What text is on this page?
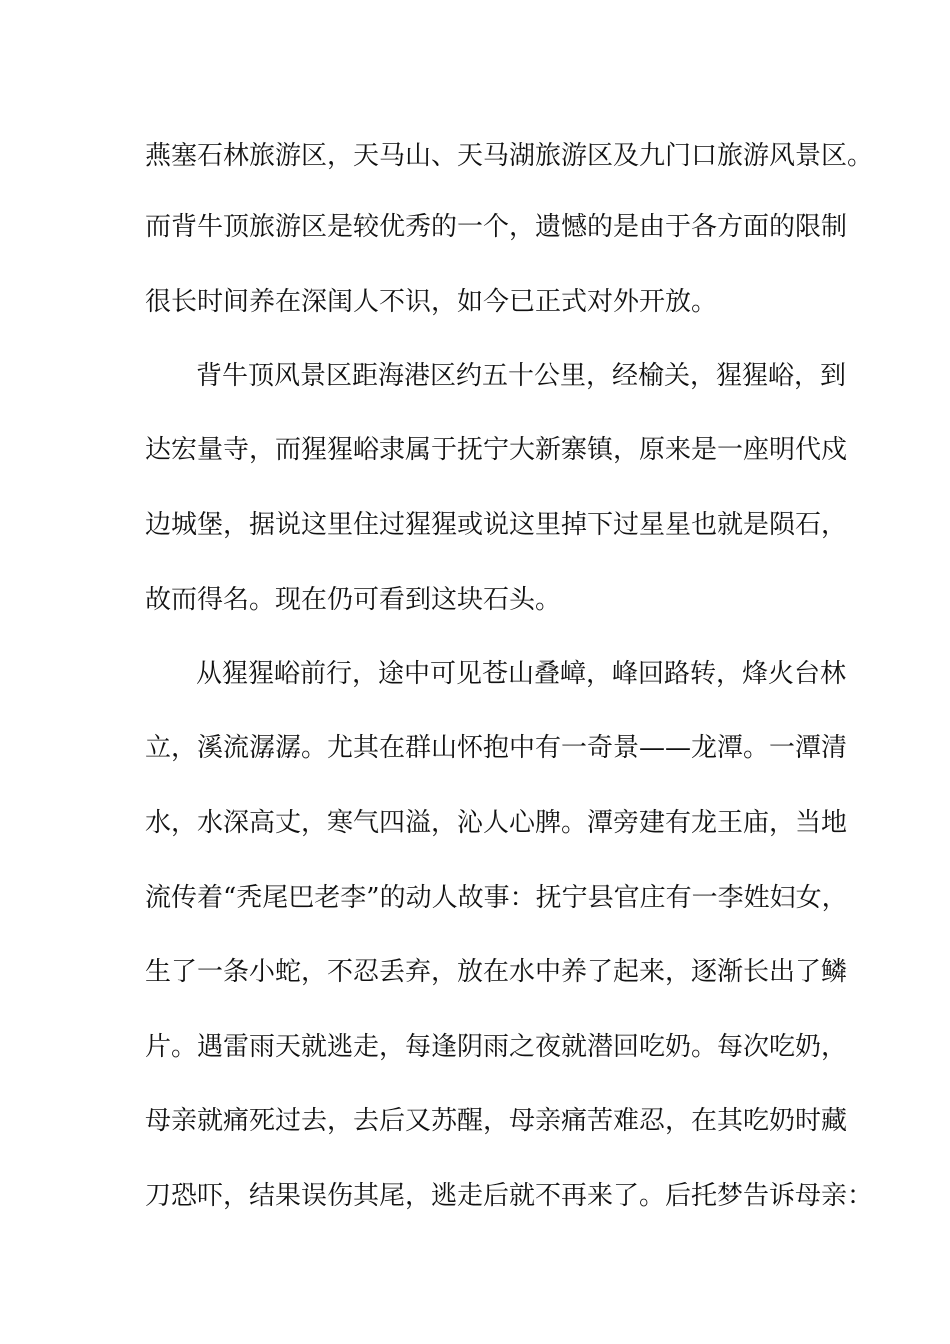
燕塞石林旅游区，天马山、天马湖旅游区及九门口旅游风景区。
而背牛顶旅游区是较优秀的一个，遗憾的是由于各方面的限制
很长时间养在深闺人不识，如今已正式对外开放。
背牛顶风景区距海港区约五十公里，经榆关，猩猩峪，到
达宏量寺，而猩猩峪隶属于抚宁大新寨镇，原来是一座明代戍
边城堡，据说这里住过猩猩或说这里掉下过星星也就是陨石，
故而得名。现在仍可看到这块石头。
从猩猩峪前行，途中可见苍山叠嶂，峰回路转，烽火台林
立，溪流潺潺。尤其在群山怀抱中有一奇景——龙潭。一潭清
水，水深高丈，寒气四溢，沁人心脾。潭旁建有龙王庙，当地
流传着“秃尾巴老李”的动人故事：抚宁县官庄有一李姓妇女，
生了一条小蛇，不忍丢弃，放在水中养了起来，逐渐长出了鳞
片。遇雷雨天就逃走，每逢阴雨之夜就潜回吃奶。每次吃奶，
母亲就痛死过去，去后又苏醒，母亲痛苦难忍，在其吃奶时藏
刀恐吓，结果误伤其尾，逃走后就不再来了。后托梦告诉母亲：
